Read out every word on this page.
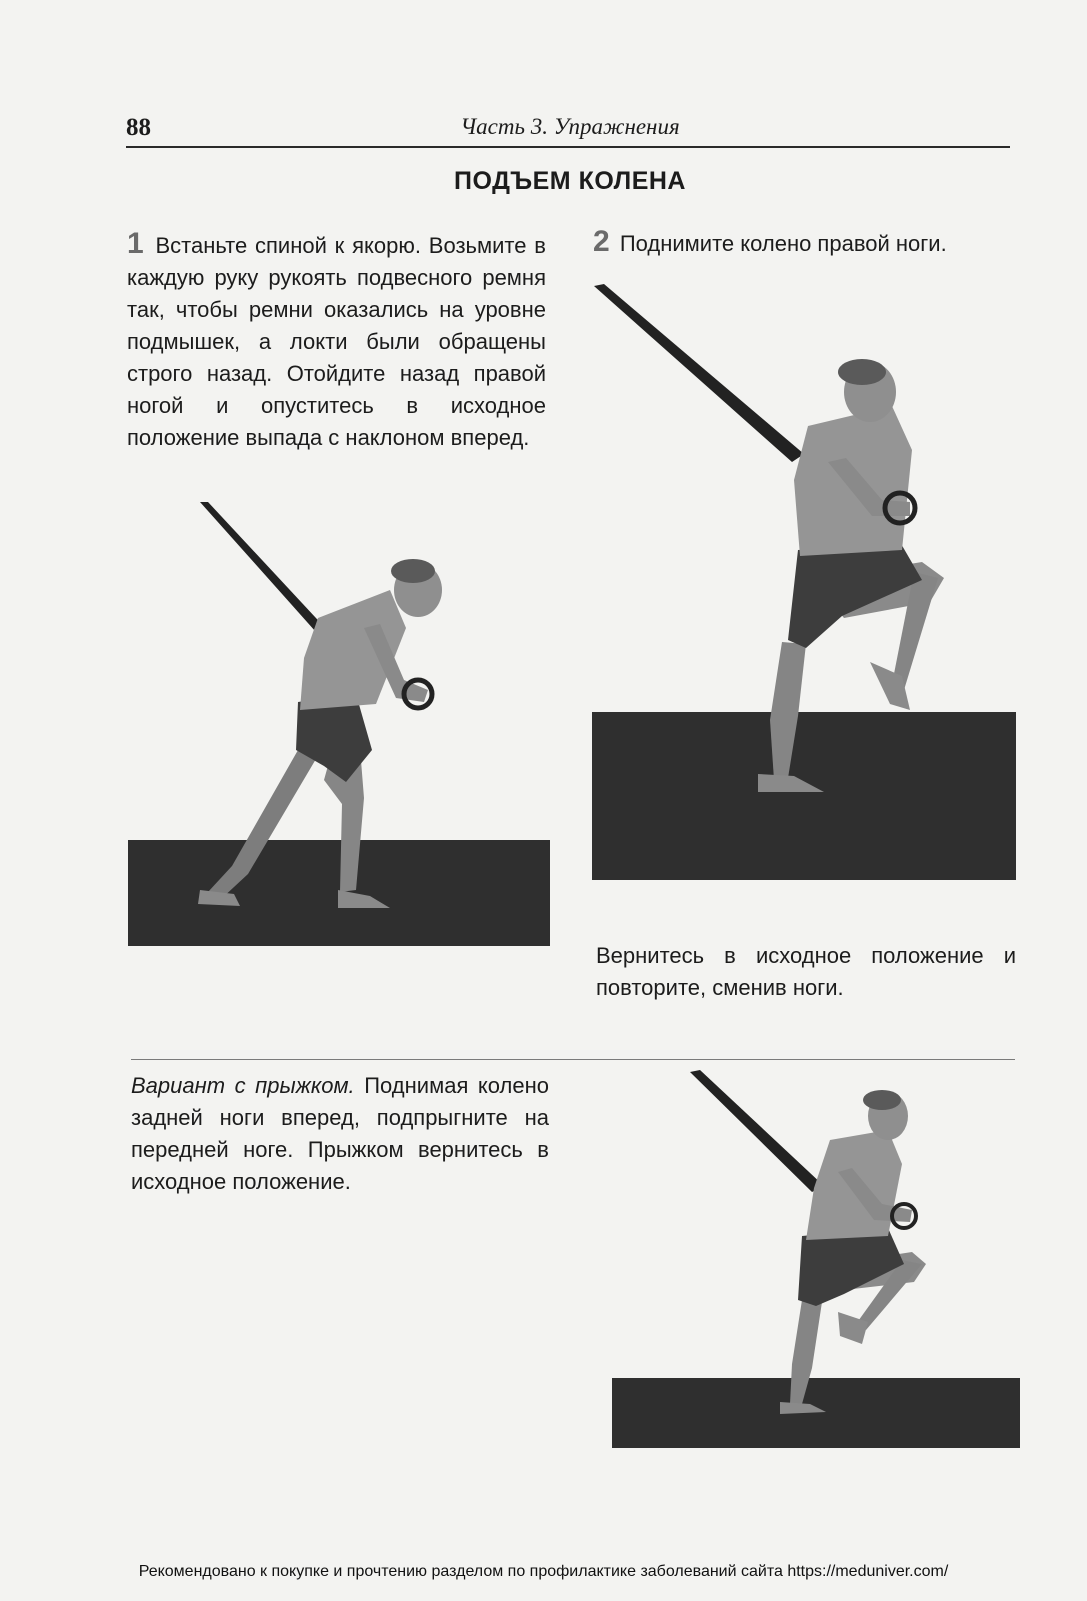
88	Часть 3. Упражнения
ПОДЪЕМ КОЛЕНА
1 Встаньте спиной к якорю. Возьмите в каждую руку рукоять подвесного ремня так, чтобы ремни оказались на уровне подмышек, а локти были обращены строго назад. Отойдите назад правой ногой и опуститесь в исходное положение выпада с наклоном вперед.
2 Поднимите колено правой ноги.
Вернитесь в исходное положение и повторите, сменив ноги.
Вариант с прыжком. Поднимая колено задней ноги вперед, подпрыгните на передней ноге. Прыжком вернитесь в исходное положение.
Рекомендовано к покупке и прочтению разделом по профилактике заболеваний сайта https://meduniver.com/
